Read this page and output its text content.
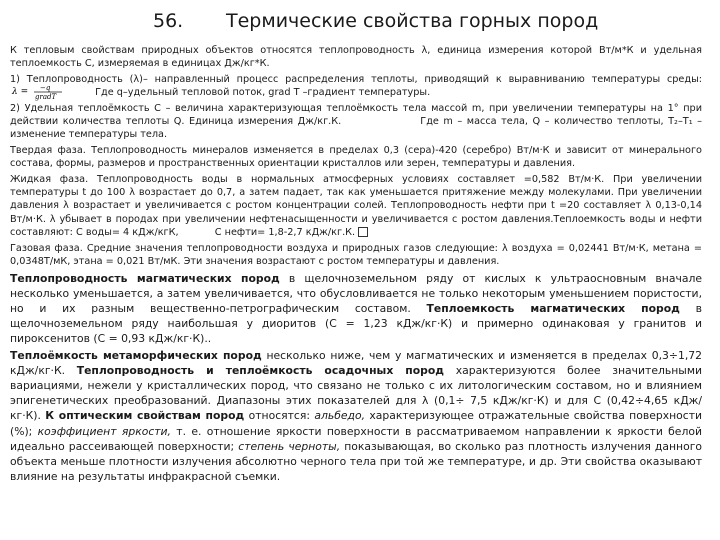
56. Термические свойства горных пород

К тепловым свойствам природных объектов относятся теплопроводность λ, единица измерения которой Вт/м*К и удельная теплоемкость С, измеряемая в единицах Дж/кг*К.

1) Теплопроводность (λ)– направленный процесс распределения теплоты, приводящий к выравниванию температуры среды:
λ = −q
gradT	Где q–удельный тепловой поток, grad T –градиент температуры.

2) Удельная теплоёмкость С – величина характеризующая теплоёмкость тела массой m, при увеличении температуры на 1° при действии количества теплоты Q. Единица измерения Дж/кг.К.	Где m – масса тела, Q – количество теплоты, T₂–T₁ – изменение температуры тела.

Твердая фаза. Теплопроводность минералов изменяется в пределах 0,3 (сера)-420 (серебро) Вт/м·К и зависит от минерального состава, формы, размеров и пространственных ориентации кристаллов или зерен, температуры и давления.

Жидкая фаза. Теплопроводность воды в нормальных атмосферных условиях составляет =0,582 Вт/м·К. При увеличении температуры t до 100 λ возрастает до 0,7, а затем падает, так как уменьшается притяжение между молекулами. При увеличении давления λ возрастает и увеличивается с ростом концентрации солей. Теплопроводность нефти при t =20 составляет λ 0,13-0,14 Вт/м·К. λ убывает в породах при увеличении нефтенасыщенности и увеличивается с ростом давления.Теплоемкость воды и нефти составляют: С воды= 4 кДж/кгК,	С нефти= 1,8-2,7 кДж/кг.К.

Газовая фаза. Средние значения теплопроводности воздуха и природных газов следующие: λ воздуха = 0,02441 Вт/м·К, метана = 0,0348Т/мК, этана = 0,021 Вт/мК. Эти значения возрастают с ростом температуры и давления.

Теплопроводность магматических пород в щелочноземельном ряду от кислых к ультраосновным вначале несколько уменьшается, а затем увеличивается, что обусловливается не только некоторым уменьшением пористости, но и их разным вещественно-петрографическим составом. Теплоемкость магматических пород в щелочноземельном ряду наибольшая у диоритов (С = 1,23 кДж/кг·К) и примерно одинаковая у гранитов и пироксенитов (С = 0,93 кДж/кг·К)..

Теплоёмкость метаморфических пород несколько ниже, чем у магматических и изменяется в пределах 0,3÷1,72 кДж/кг·К. Теплопроводность и теплоёмкость осадочных пород характеризуются более значительными вариациями, нежели у кристаллических пород, что связано не только с их литологическим составом, но и влиянием эпигенетических преобразований. Диапазоны этих показателей для λ (0,1÷ 7,5 кДж/кг·К) и для С (0,42÷4,65 кДж/кг·К). К оптическим свойствам пород относятся: альбедо, характеризующее отражательные свойства поверхности (%); коэффициент яркости, т. е. отношение яркости поверхности в рассматриваемом направлении к яркости белой идеально рассеивающей поверхности; степень черноты, показывающая, во сколько раз плотность излучения данного объекта меньше плотности излучения абсолютно черного тела при той же температуре, и др. Эти свойства оказывают влияние на результаты инфракрасной съемки.
